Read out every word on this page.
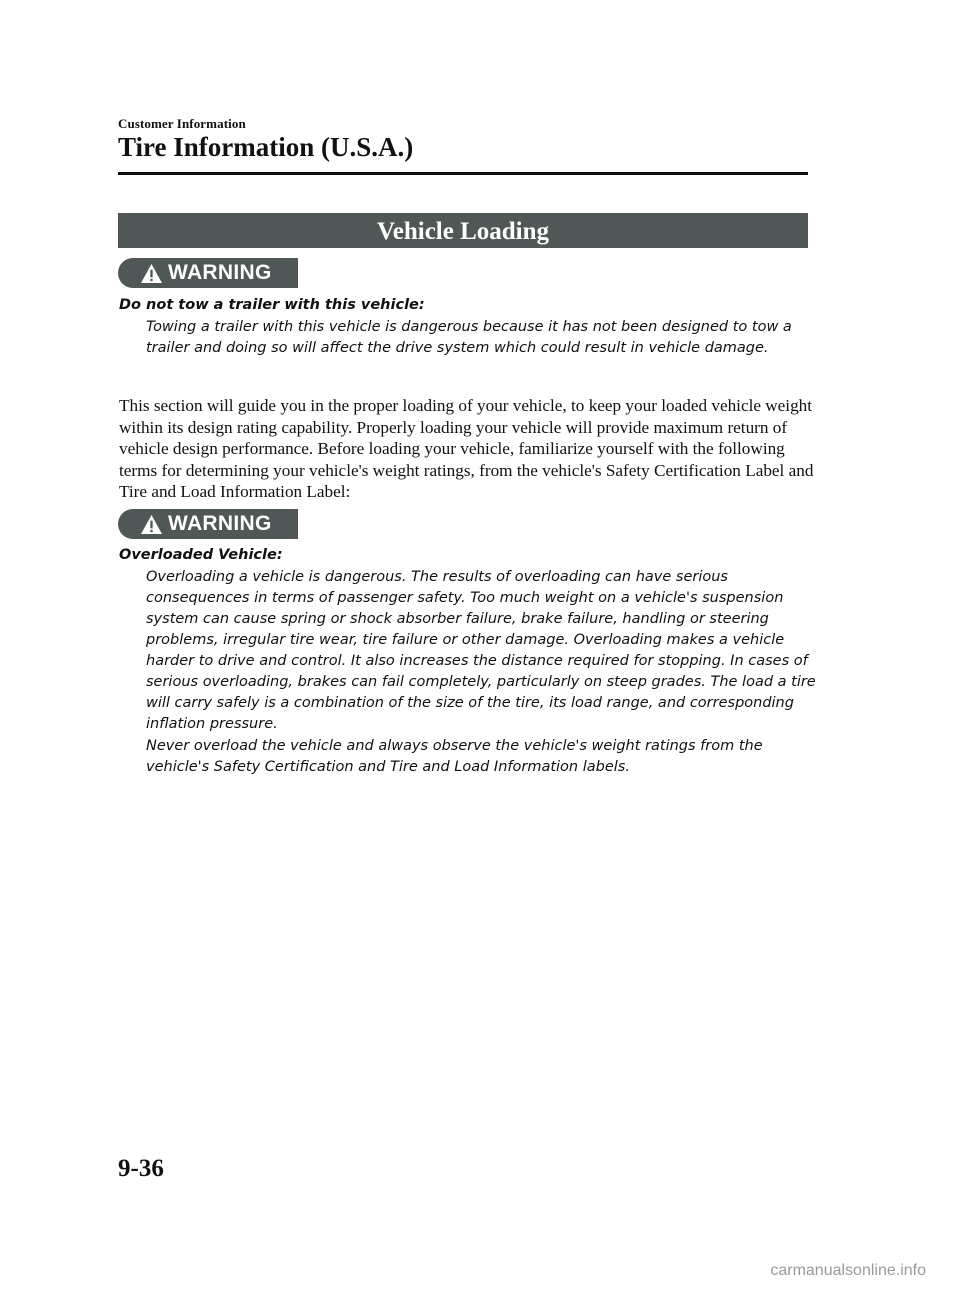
Customer Information
Tire Information (U.S.A.)
Vehicle Loading
WARNING
Do not tow a trailer with this vehicle:
Towing a trailer with this vehicle is dangerous because it has not been designed to tow a trailer and doing so will affect the drive system which could result in vehicle damage.
This section will guide you in the proper loading of your vehicle, to keep your loaded vehicle weight within its design rating capability. Properly loading your vehicle will provide maximum return of vehicle design performance. Before loading your vehicle, familiarize yourself with the following terms for determining your vehicle's weight ratings, from the vehicle's Safety Certification Label and Tire and Load Information Label:
WARNING
Overloaded Vehicle:
Overloading a vehicle is dangerous. The results of overloading can have serious consequences in terms of passenger safety. Too much weight on a vehicle's suspension system can cause spring or shock absorber failure, brake failure, handling or steering problems, irregular tire wear, tire failure or other damage. Overloading makes a vehicle harder to drive and control. It also increases the distance required for stopping. In cases of serious overloading, brakes can fail completely, particularly on steep grades. The load a tire will carry safely is a combination of the size of the tire, its load range, and corresponding inflation pressure.
Never overload the vehicle and always observe the vehicle's weight ratings from the vehicle's Safety Certification and Tire and Load Information labels.
9-36
carmanualsonline.info
